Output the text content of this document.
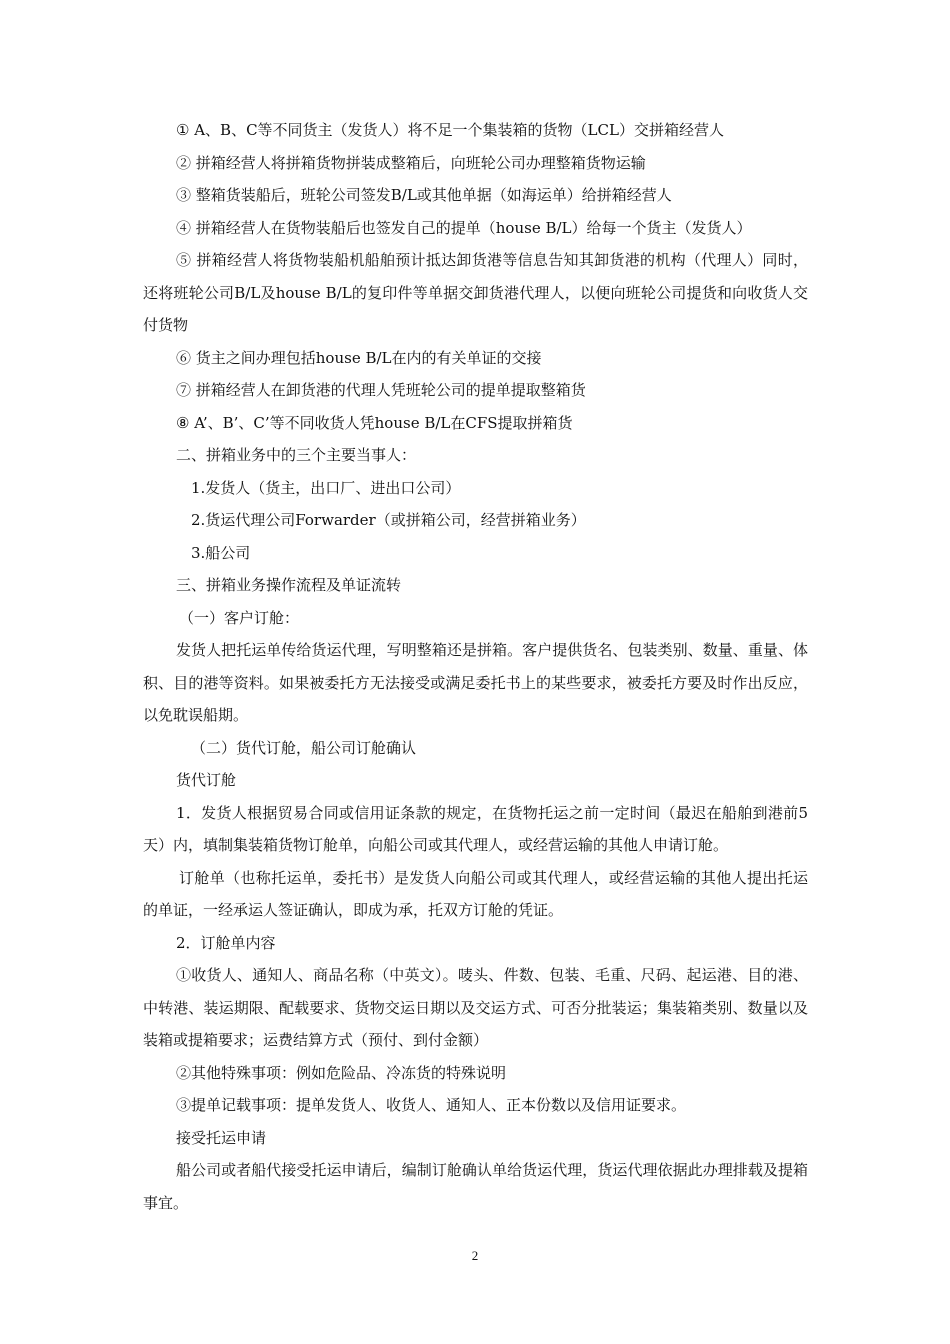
① A、B、C等不同货主（发货人）将不足一个集装箱的货物（LCL）交拼箱经营人

② 拼箱经营人将拼箱货物拼装成整箱后，向班轮公司办理整箱货物运输

③ 整箱货装船后，班轮公司签发B/L或其他单据（如海运单）给拼箱经营人

④ 拼箱经营人在货物装船后也签发自己的提单（house B/L）给每一个货主（发货人）

⑤ 拼箱经营人将货物装船机船舶预计抵达卸货港等信息告知其卸货港的机构（代理人）同时，还将班轮公司B/L及house B/L的复印件等单据交卸货港代理人，以便向班轮公司提货和向收货人交付货物

⑥ 货主之间办理包括house B/L在内的有关单证的交接

⑦ 拼箱经营人在卸货港的代理人凭班轮公司的提单提取整箱货

⑧ A’、B’、C’等不同收货人凭house B/L在CFS提取拼箱货

二、拼箱业务中的三个主要当事人：

1.发货人（货主，出口厂、进出口公司）

2.货运代理公司Forwarder（或拼箱公司，经营拼箱业务）

3.船公司

三、拼箱业务操作流程及单证流转

（一）客户订舱：

发货人把托运单传给货运代理，写明整箱还是拼箱。客户提供货名、包装类别、数量、重量、体积、目的港等资料。如果被委托方无法接受或满足委托书上的某些要求，被委托方要及时作出反应，以免耽误船期。

（二）货代订舱，船公司订舱确认

货代订舱

1．发货人根据贸易合同或信用证条款的规定，在货物托运之前一定时间（最迟在船舶到港前5天）内，填制集装箱货物订舱单，向船公司或其代理人，或经营运输的其他人申请订舱。

订舱单（也称托运单，委托书）是发货人向船公司或其代理人，或经营运输的其他人提出托运的单证，一经承运人签证确认，即成为承，托双方订舱的凭证。

2．订舱单内容

①收货人、通知人、商品名称（中英文）。唛头、件数、包装、毛重、尺码、起运港、目的港、中转港、装运期限、配载要求、货物交运日期以及交运方式、可否分批装运；集装箱类别、数量以及装箱或提箱要求；运费结算方式（预付、到付金额）

②其他特殊事项：例如危险品、冷冻货的特殊说明

③提单记载事项：提单发货人、收货人、通知人、正本份数以及信用证要求。

接受托运申请

船公司或者船代接受托运申请后，编制订舱确认单给货运代理，货运代理依据此办理排载及提箱事宜。

2
